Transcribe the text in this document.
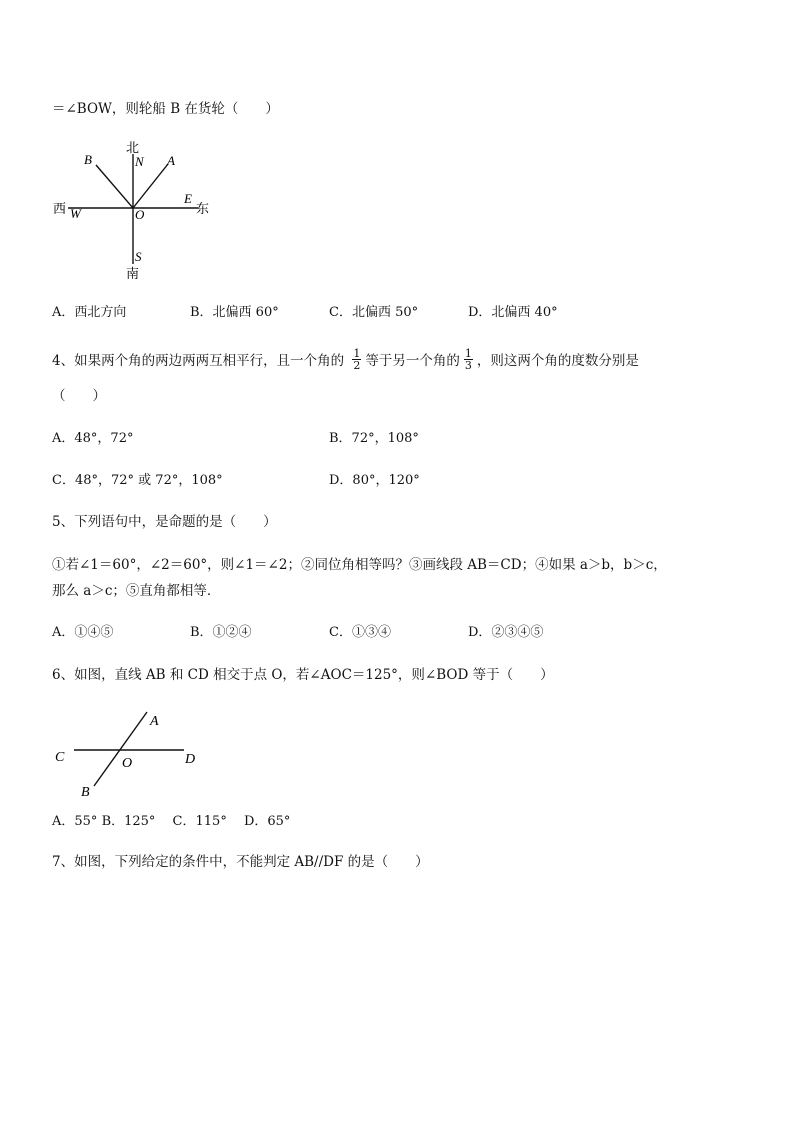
＝∠BOW，则轮船 B 在货轮（　　）
北
N A
B
西 W	O
E
东
S
南
A．西北方向	B．北偏西 60°	C．北偏西 50°	D．北偏西 40°
4、如果两个角的两边两两互相平行，且一个角的 $\frac{1}{2}$ 等于另一个角的 $\frac{1}{3}$ ，则这两个角的度数分别是
（　　）
A．48°，72°	B．72°，108°
C．48°，72° 或 72°，108°	D．80°，120°
5、下列语句中，是命题的是（　　）
①若∠1＝60°，∠2＝60°，则∠1＝∠2；②同位角相等吗？③画线段 AB＝CD；④如果 a＞b，b＞c，
那么 a＞c；⑤直角都相等．
A．①④⑤	B．①②④	C．①③④	D．②③④⑤
6、如图，直线 AB 和 CD 相交于点 O，若∠AOC＝125°，则∠BOD 等于（　　）
A
C	O	D
B
A．55° B．125°　 C．115°　 D．65°
7、如图，下列给定的条件中，不能判定 AB//DF 的是（　　）
